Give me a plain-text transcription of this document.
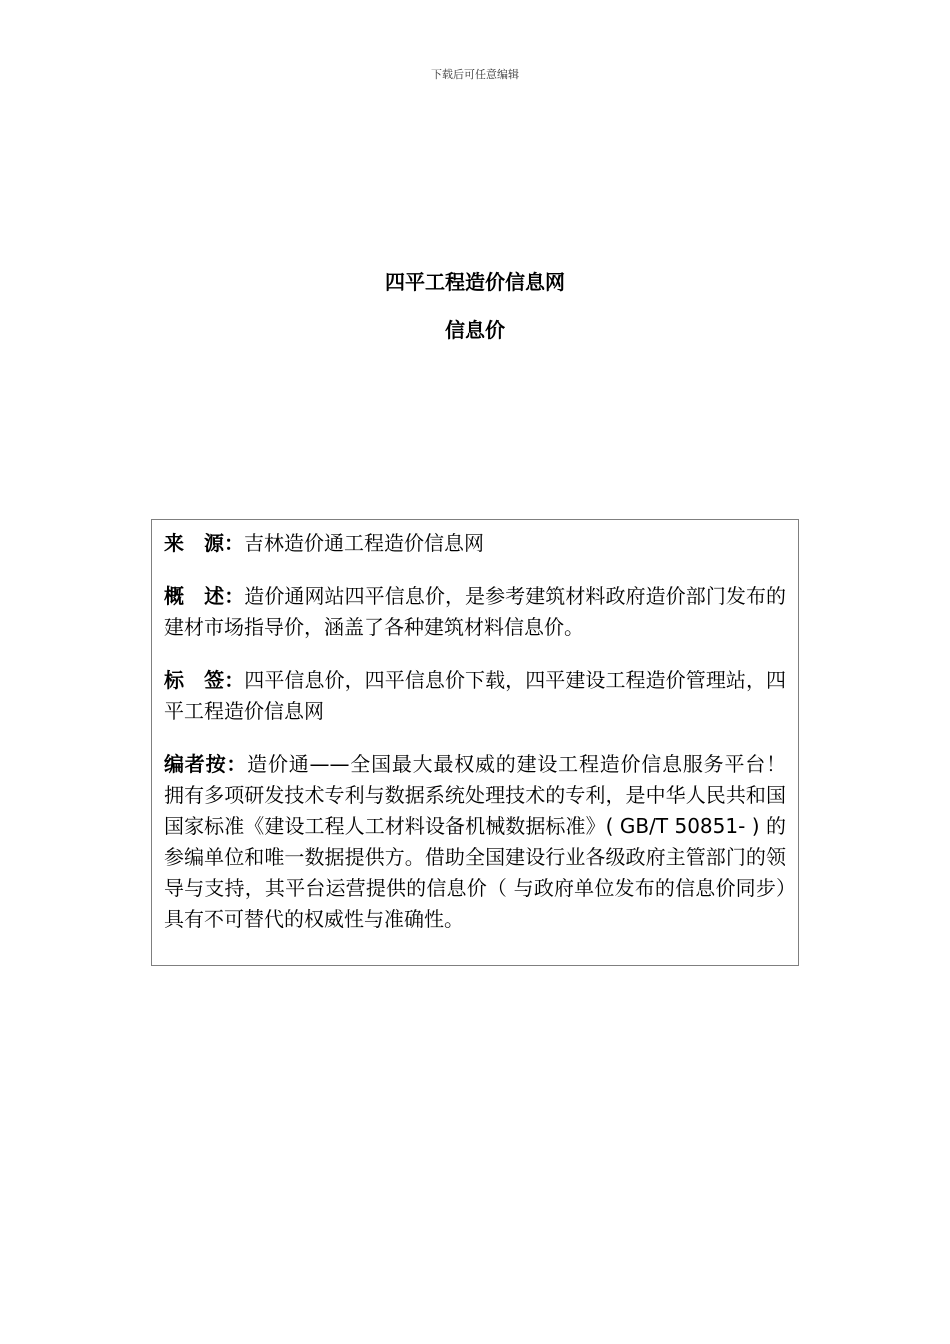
下载后可任意编辑
四平工程造价信息网
信息价
来 源：吉林造价通工程造价信息网
概 述：造价通网站四平信息价，是参考建筑材料政府造价部门发布的建材市场指导价，涵盖了各种建筑材料信息价。
标 签：四平信息价，四平信息价下载，四平建设工程造价管理站，四平工程造价信息网
编者按：造价通——全国最大最权威的建设工程造价信息服务平台！ 拥有多项研发技术专利与数据系统处理技术的专利，是中华人民共和国国家标准《建设工程人工材料设备机械数据标准》( GB/T 50851- ) 的参编单位和唯一数据提供方。借助全国建设行业各级政府主管部门的领导与支持，其平台运营提供的信息价（ 与政府单位发布的信息价同步）具有不可替代的权威性与准确性。
